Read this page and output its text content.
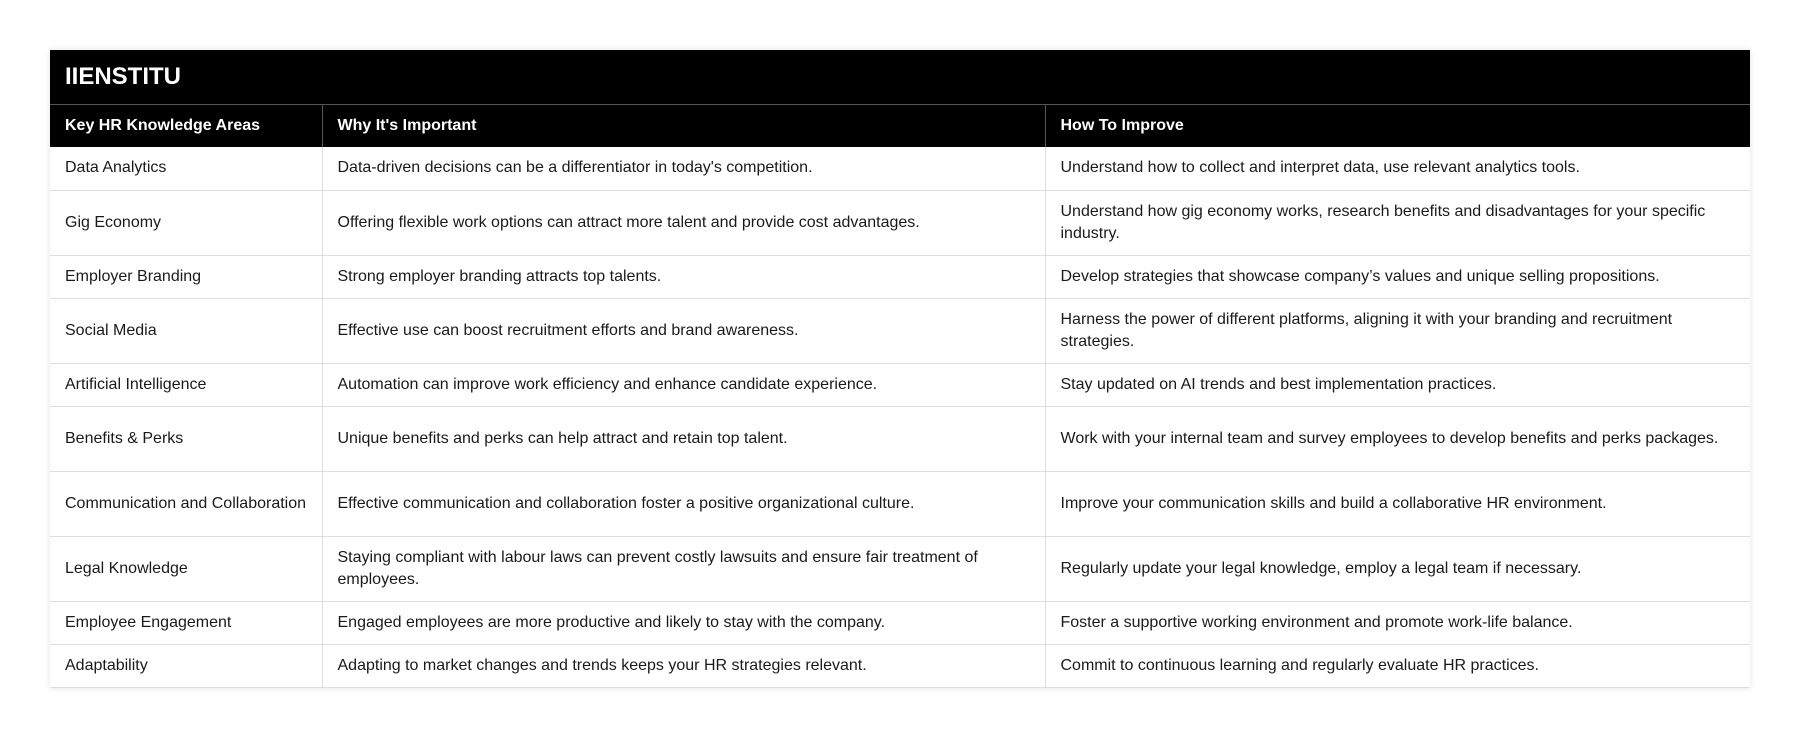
IIENSTITU		
Key HR Knowledge Areas	Why It's Important	How To Improve
Data Analytics	Data-driven decisions can be a differentiator in today's competition.	Understand how to collect and interpret data, use relevant analytics tools.
Gig Economy	Offering flexible work options can attract more talent and provide cost advantages.	Understand how gig economy works, research benefits and disadvantages for your specific industry.
Employer Branding	Strong employer branding attracts top talents.	Develop strategies that showcase company’s values and unique selling propositions.
Social Media	Effective use can boost recruitment efforts and brand awareness.	Harness the power of different platforms, aligning it with your branding and recruitment strategies.
Artificial Intelligence	Automation can improve work efficiency and enhance candidate experience.	Stay updated on AI trends and best implementation practices.
Benefits & Perks	Unique benefits and perks can help attract and retain top talent.	Work with your internal team and survey employees to develop benefits and perks packages.
Communication and Collaboration	Effective communication and collaboration foster a positive organizational culture.	Improve your communication skills and build a collaborative HR environment.
Legal Knowledge	Staying compliant with labour laws can prevent costly lawsuits and ensure fair treatment of employees.	Regularly update your legal knowledge, employ a legal team if necessary.
Employee Engagement	Engaged employees are more productive and likely to stay with the company.	Foster a supportive working environment and promote work-life balance.
Adaptability	Adapting to market changes and trends keeps your HR strategies relevant.	Commit to continuous learning and regularly evaluate HR practices.
